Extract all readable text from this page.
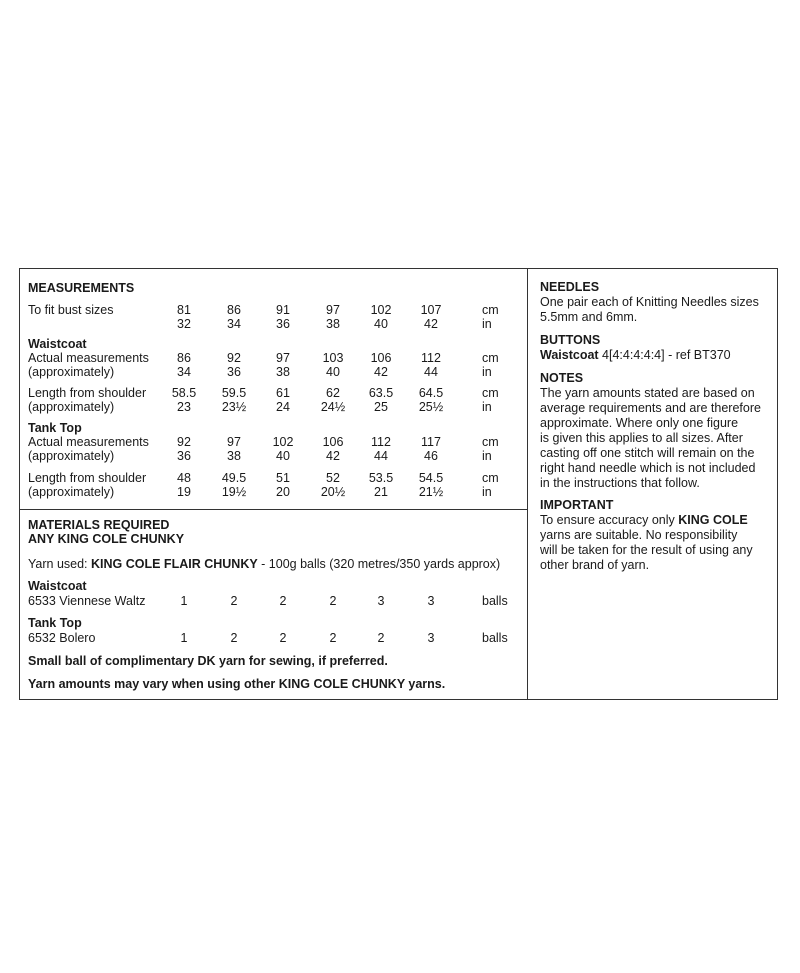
MEASUREMENTS
To fit bust sizes	81	86	91	97	102	107	cm
32	34	36	38	40	42	in
Waistcoat
Actual measurements
(approximately)
86	92	97	103	106	112	cm
34	36	38	40	42	44	in
Length from shoulder
(approximately)
58.5	59.5	61	62	63.5	64.5	cm
23	23½	24	24½	25	25½	in
Tank Top
Actual measurements
(approximately)
92	97	102	106	112	117	cm
36	38	40	42	44	46	in
Length from shoulder
(approximately)
48	49.5	51	52	53.5	54.5	cm
19	19½	20	20½	21	21½	in
MATERIALS REQUIRED
ANY KING COLE CHUNKY
Yarn used: KING COLE FLAIR CHUNKY - 100g balls (320 metres/350 yards approx)
Waistcoat
6533 Viennese Waltz	1	2	2	2	3	3	balls
Tank Top
6532 Bolero	1	2	2	2	2	3	balls
Small ball of complimentary DK yarn for sewing, if preferred.
Yarn amounts may vary when using other KING COLE CHUNKY yarns.
NEEDLES
One pair each of Knitting Needles sizes
5.5mm and 6mm.
BUTTONS
Waistcoat 4[4:4:4:4:4] - ref BT370
NOTES
The yarn amounts stated are based on
average requirements and are therefore
approximate. Where only one figure
is given this applies to all sizes. After
casting off one stitch will remain on the
right hand needle which is not included
in the instructions that follow.
IMPORTANT
To ensure accuracy only KING COLE
yarns are suitable. No responsibility
will be taken for the result of using any
other brand of yarn.
